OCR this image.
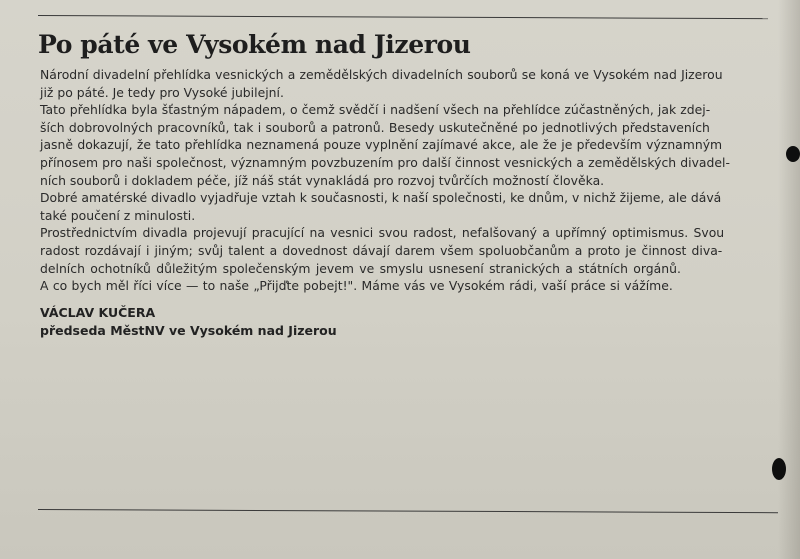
Po páté ve Vysokém nad Jizerou
Národní divadelní přehlídka vesnických a zemědělských divadelních souborů se koná ve Vysokém nad Jizerou
již po páté. Je tedy pro Vysoké jubilejní.
Tato přehlídka byla šťastným nápadem, o čemž svědčí i nadšení všech na přehlídce zúčastněných, jak zdej-
ších dobrovolných pracovníků, tak i souborů a patronů. Besedy uskutečněné po jednotlivých představeních
jasně dokazují, že tato přehlídka neznamená pouze vyplnění zajímavé akce, ale že je především významným
přínosem pro naši společnost, významným povzbuzením pro další činnost vesnických a zemědělských divadel-
ních souborů i dokladem péče, jíž náš stát vynakládá pro rozvoj tvůrčích možností člověka.
Dobré amatérské divadlo vyjadřuje vztah k současnosti, k naší společnosti, ke dnům, v nichž žijeme, ale dává
také poučení z minulosti.
Prostřednictvím divadla projevují pracující na vesnici svou radost, nefalšovaný a upřímný optimismus. Svou
radost rozdávají i jiným; svůj talent a dovednost dávají darem všem spoluobčanům a proto je činnost diva-
delních ochotníků důležitým společenským jevem ve smyslu usnesení stranických a státních orgánů.
A co bych měl říci více — to naše „Přijďte pobejt!". Máme vás ve Vysokém rádi, vaší práce si vážíme.
VÁCLAV KUČERA
předseda MěstNV ve Vysokém nad Jizerou
